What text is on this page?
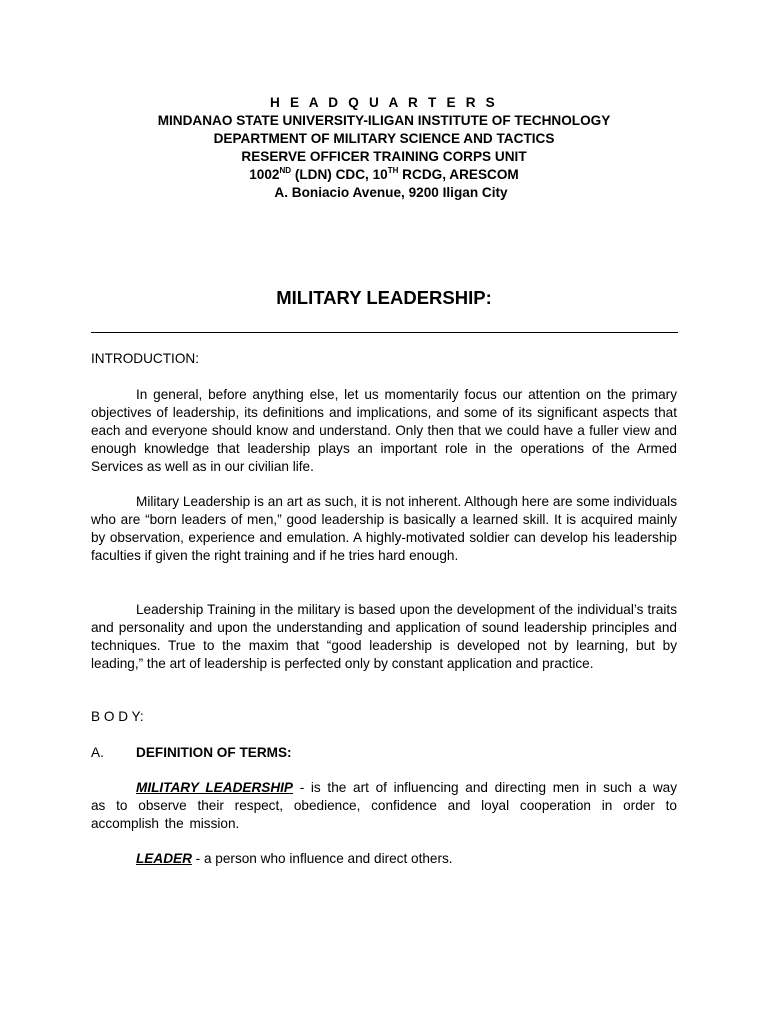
H E A D Q U A R T E R S
MINDANAO STATE UNIVERSITY-ILIGAN INSTITUTE OF TECHNOLOGY
DEPARTMENT OF MILITARY SCIENCE AND TACTICS
RESERVE OFFICER TRAINING CORPS UNIT
1002ND (LDN) CDC, 10TH RCDG, ARESCOM
A. Boniacio Avenue, 9200 Iligan City
MILITARY LEADERSHIP:
INTRODUCTION:
In general, before anything else, let us momentarily focus our attention on the primary objectives of leadership, its definitions and implications, and some of its significant aspects that each and everyone should know and understand. Only then that we could have a fuller view and enough knowledge that leadership plays an important role in the operations of the Armed Services as well as in our civilian life.
Military Leadership is an art as such, it is not inherent. Although here are some individuals who are “born leaders of men,” good leadership is basically a learned skill. It is acquired mainly by observation, experience and emulation. A highly-motivated soldier can develop his leadership faculties if given the right training and if he tries hard enough.
Leadership Training in the military is based upon the development of the individual’s traits and personality and upon the understanding and application of sound leadership principles and techniques. True to the maxim that “good leadership is developed not by learning, but by leading,” the art of leadership is perfected only by constant application and practice.
B O D Y:
A. DEFINITION OF TERMS:
MILITARY LEADERSHIP - is the art of influencing and directing men in such a way as to observe their respect, obedience, confidence and loyal cooperation in order to accomplish the mission.
LEADER - a person who influence and direct others.
